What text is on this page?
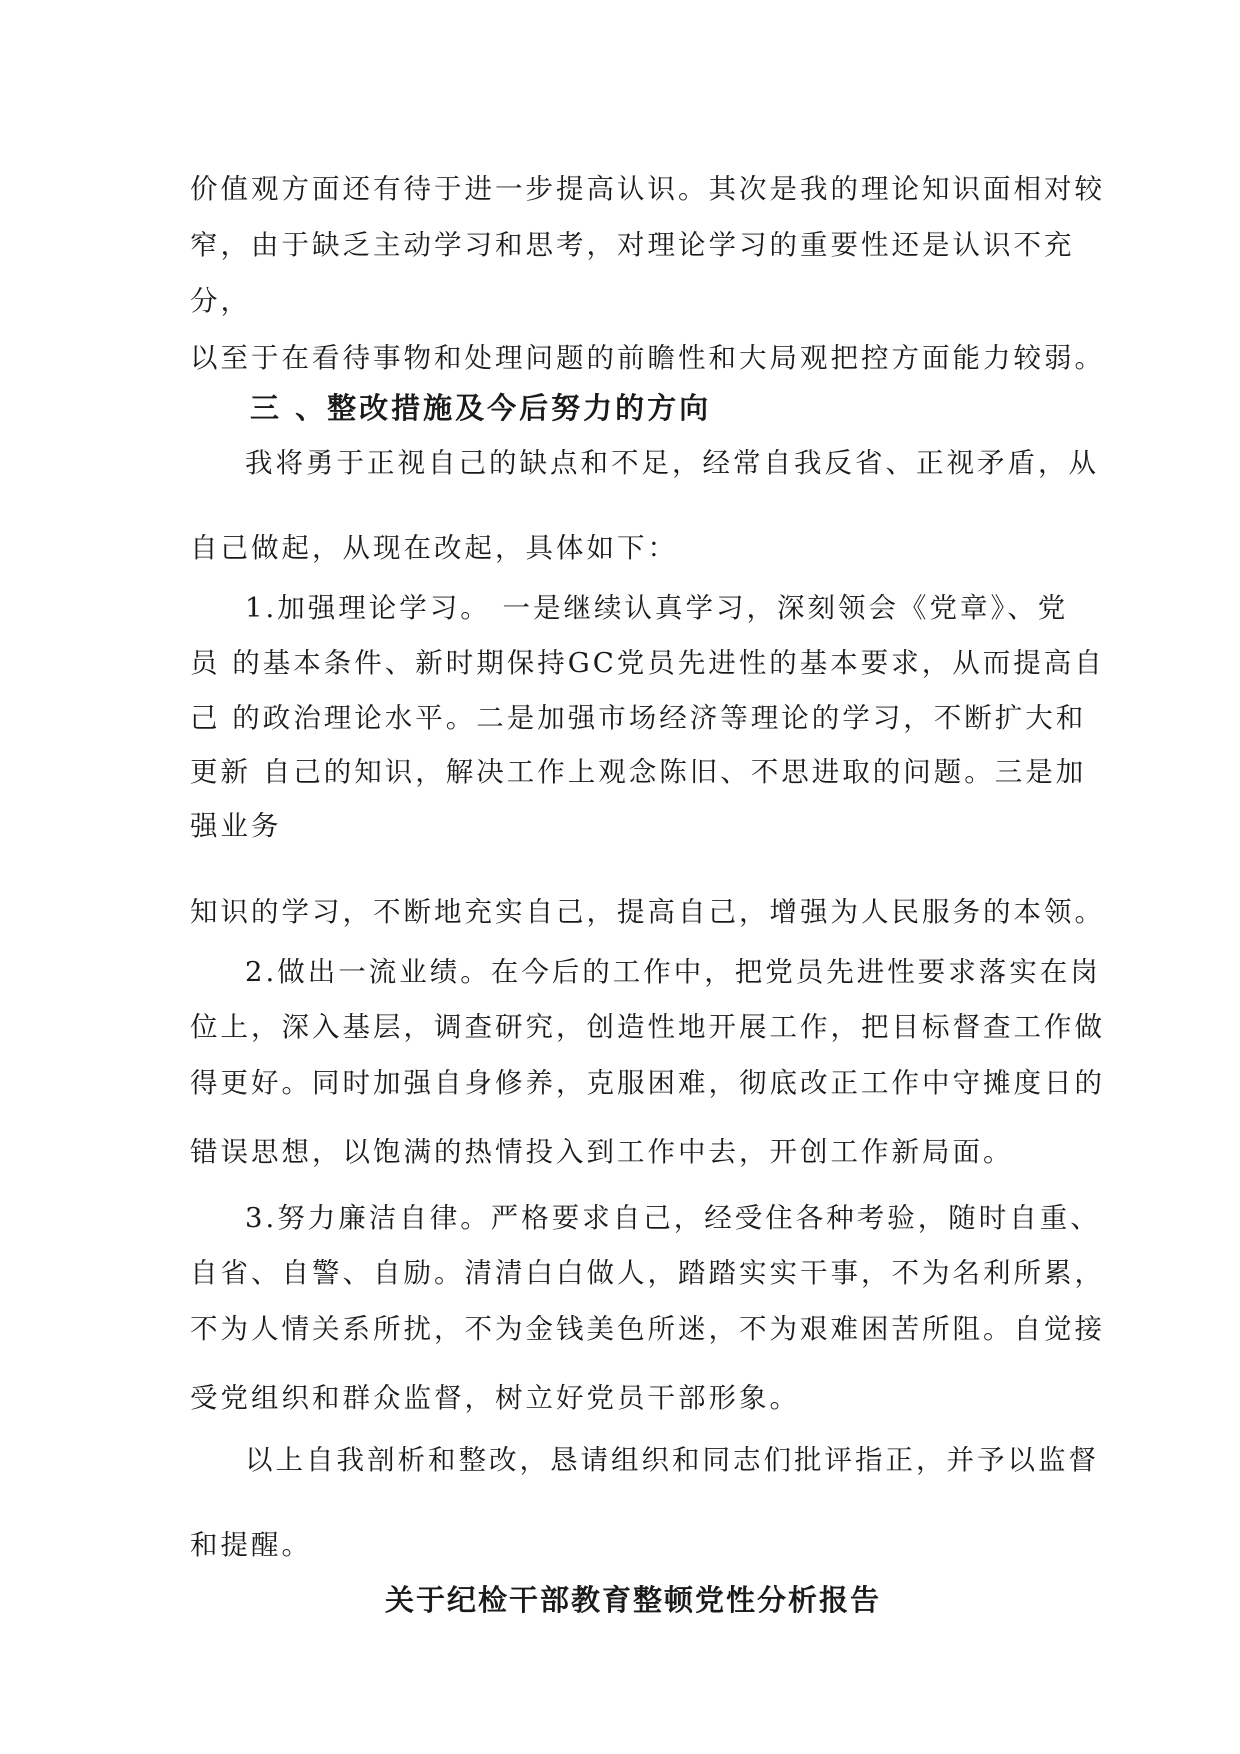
价值观方面还有待于进一步提高认识。其次是我的理论知识面相对较
窄，由于缺乏主动学习和思考，对理论学习的重要性还是认识不充
分，
以至于在看待事物和处理问题的前瞻性和大局观把控方面能力较弱。
三 、整改措施及今后努力的方向
我将勇于正视自己的缺点和不足，经常自我反省、正视矛盾，从
自己做起，从现在改起，具体如下：
1.加强理论学习。 一是继续认真学习，深刻领会《党章》、党
员 的基本条件、新时期保持GC党员先进性的基本要求，从而提高自
己 的政治理论水平。二是加强市场经济等理论的学习，不断扩大和
更新 自己的知识，解决工作上观念陈旧、不思进取的问题。三是加
强业务
知识的学习，不断地充实自己，提高自己，增强为人民服务的本领。
2.做出一流业绩。在今后的工作中，把党员先进性要求落实在岗
位上，深入基层，调查研究，创造性地开展工作，把目标督查工作做
得更好。同时加强自身修养，克服困难，彻底改正工作中守摊度日的
错误思想，以饱满的热情投入到工作中去，开创工作新局面。
3.努力廉洁自律。严格要求自己，经受住各种考验，随时自重、
自省、自警、自励。清清白白做人，踏踏实实干事，不为名利所累，
不为人情关系所扰，不为金钱美色所迷，不为艰难困苦所阻。自觉接
受党组织和群众监督，树立好党员干部形象。
以上自我剖析和整改，恳请组织和同志们批评指正，并予以监督
和提醒。
关于纪检干部教育整顿党性分析报告
